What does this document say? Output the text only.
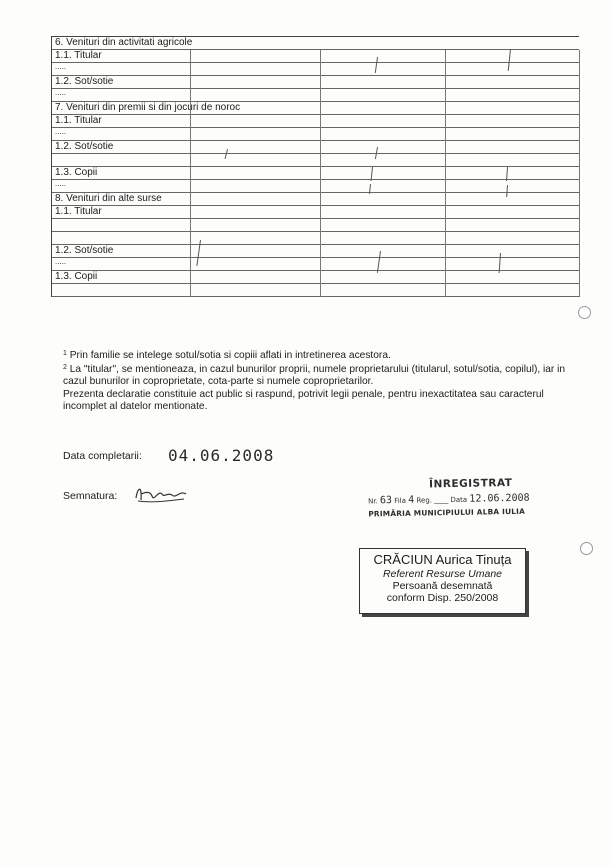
6. Venituri din activitati agricole
1.1. Titular
.....
1.2. Sot/sotie
.....
7. Venituri din premii si din jocuri de noroc
1.1. Titular
.....
1.2. Sot/sotie
1.3. Copii
.....
8. Venituri din alte surse
1.1. Titular
1.2. Sot/sotie
.....
1.3. Copii

$^1$ Prin familie se intelege sotul/sotia si copiii aflati in intretinerea acestora.

$^2$ La "titular", se mentioneaza, in cazul bunurilor proprii, numele proprietarului (titularul, sotul/sotia, copilul), iar in cazul bunurilor in coproprietate, cota-parte si numele coproprietarilor.

Prezenta declaratie constituie act public si raspund, potrivit legii penale, pentru inexactitatea sau caracterul incomplet al datelor mentionate.

Data completarii: 04.06.2008
Semnatura:
ÎNREGISTRAT
Nr. 63 Fila 4 Reg. ____ Data 12.06.2008
PRIMĂRIA MUNICIPIULUI ALBA IULIA
CRĂCIUN Aurica Tinuța
Referent Resurse Umane
Persoană desemnată
conform Disp. 250/2008
